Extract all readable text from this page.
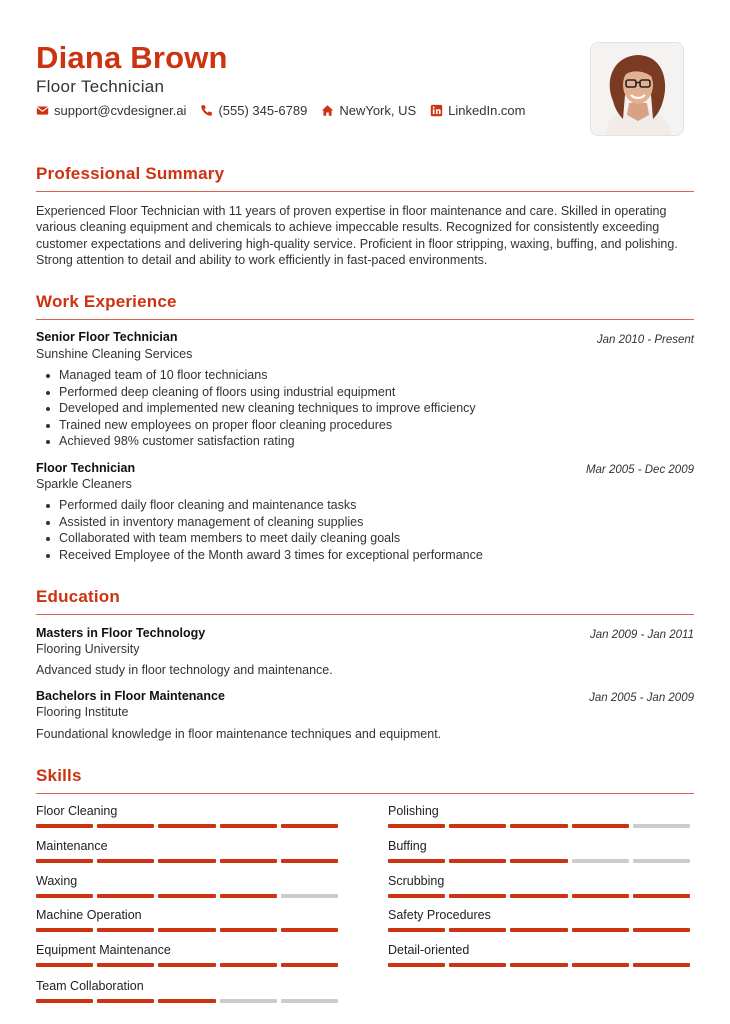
Diana Brown
Floor Technician
support@cvdesigner.ai (555) 345-6789 NewYork, US LinkedIn.com
Professional Summary
Experienced Floor Technician with 11 years of proven expertise in floor maintenance and care. Skilled in operating various cleaning equipment and chemicals to achieve impeccable results. Recognized for consistently exceeding customer expectations and delivering high-quality service. Proficient in floor stripping, waxing, buffing, and polishing. Strong attention to detail and ability to work efficiently in fast-paced environments.
Work Experience
Senior Floor Technician	Jan 2010 - Present
Sunshine Cleaning Services
Managed team of 10 floor technicians
Performed deep cleaning of floors using industrial equipment
Developed and implemented new cleaning techniques to improve efficiency
Trained new employees on proper floor cleaning procedures
Achieved 98% customer satisfaction rating
Floor Technician	Mar 2005 - Dec 2009
Sparkle Cleaners
Performed daily floor cleaning and maintenance tasks
Assisted in inventory management of cleaning supplies
Collaborated with team members to meet daily cleaning goals
Received Employee of the Month award 3 times for exceptional performance
Education
Masters in Floor Technology	Jan 2009 - Jan 2011
Flooring University
Advanced study in floor technology and maintenance.
Bachelors in Floor Maintenance	Jan 2005 - Jan 2009
Flooring Institute
Foundational knowledge in floor maintenance techniques and equipment.
Skills
Floor Cleaning	Polishing
Maintenance	Buffing
Waxing	Scrubbing
Machine Operation	Safety Procedures
Equipment Maintenance	Detail-oriented
Team Collaboration
